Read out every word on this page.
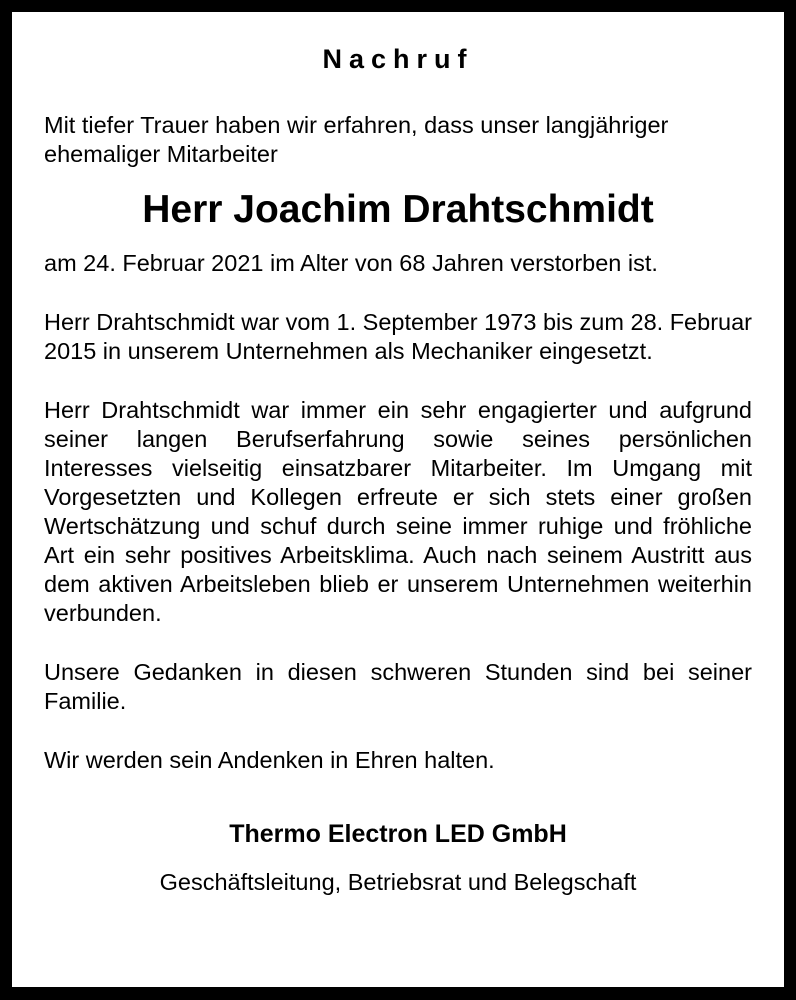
Nachruf

Mit tiefer Trauer haben wir erfahren, dass unser langjähriger ehemaliger Mitarbeiter

Herr Joachim Drahtschmidt

am 24. Februar 2021 im Alter von 68 Jahren verstorben ist.

Herr Drahtschmidt war vom 1. September 1973 bis zum 28. Februar 2015 in unserem Unternehmen als Mechaniker eingesetzt.

Herr Drahtschmidt war immer ein sehr engagierter und aufgrund seiner langen Berufserfahrung sowie seines persönlichen Interesses vielseitig einsatzbarer Mitarbeiter. Im Umgang mit Vorgesetzten und Kollegen erfreute er sich stets einer großen Wertschätzung und schuf durch seine immer ruhige und fröhliche Art ein sehr positives Arbeitsklima. Auch nach seinem Austritt aus dem aktiven Arbeitsleben blieb er unserem Unternehmen weiterhin verbunden.

Unsere Gedanken in diesen schweren Stunden sind bei seiner Familie.

Wir werden sein Andenken in Ehren halten.

Thermo Electron LED GmbH

Geschäftsleitung, Betriebsrat und Belegschaft
